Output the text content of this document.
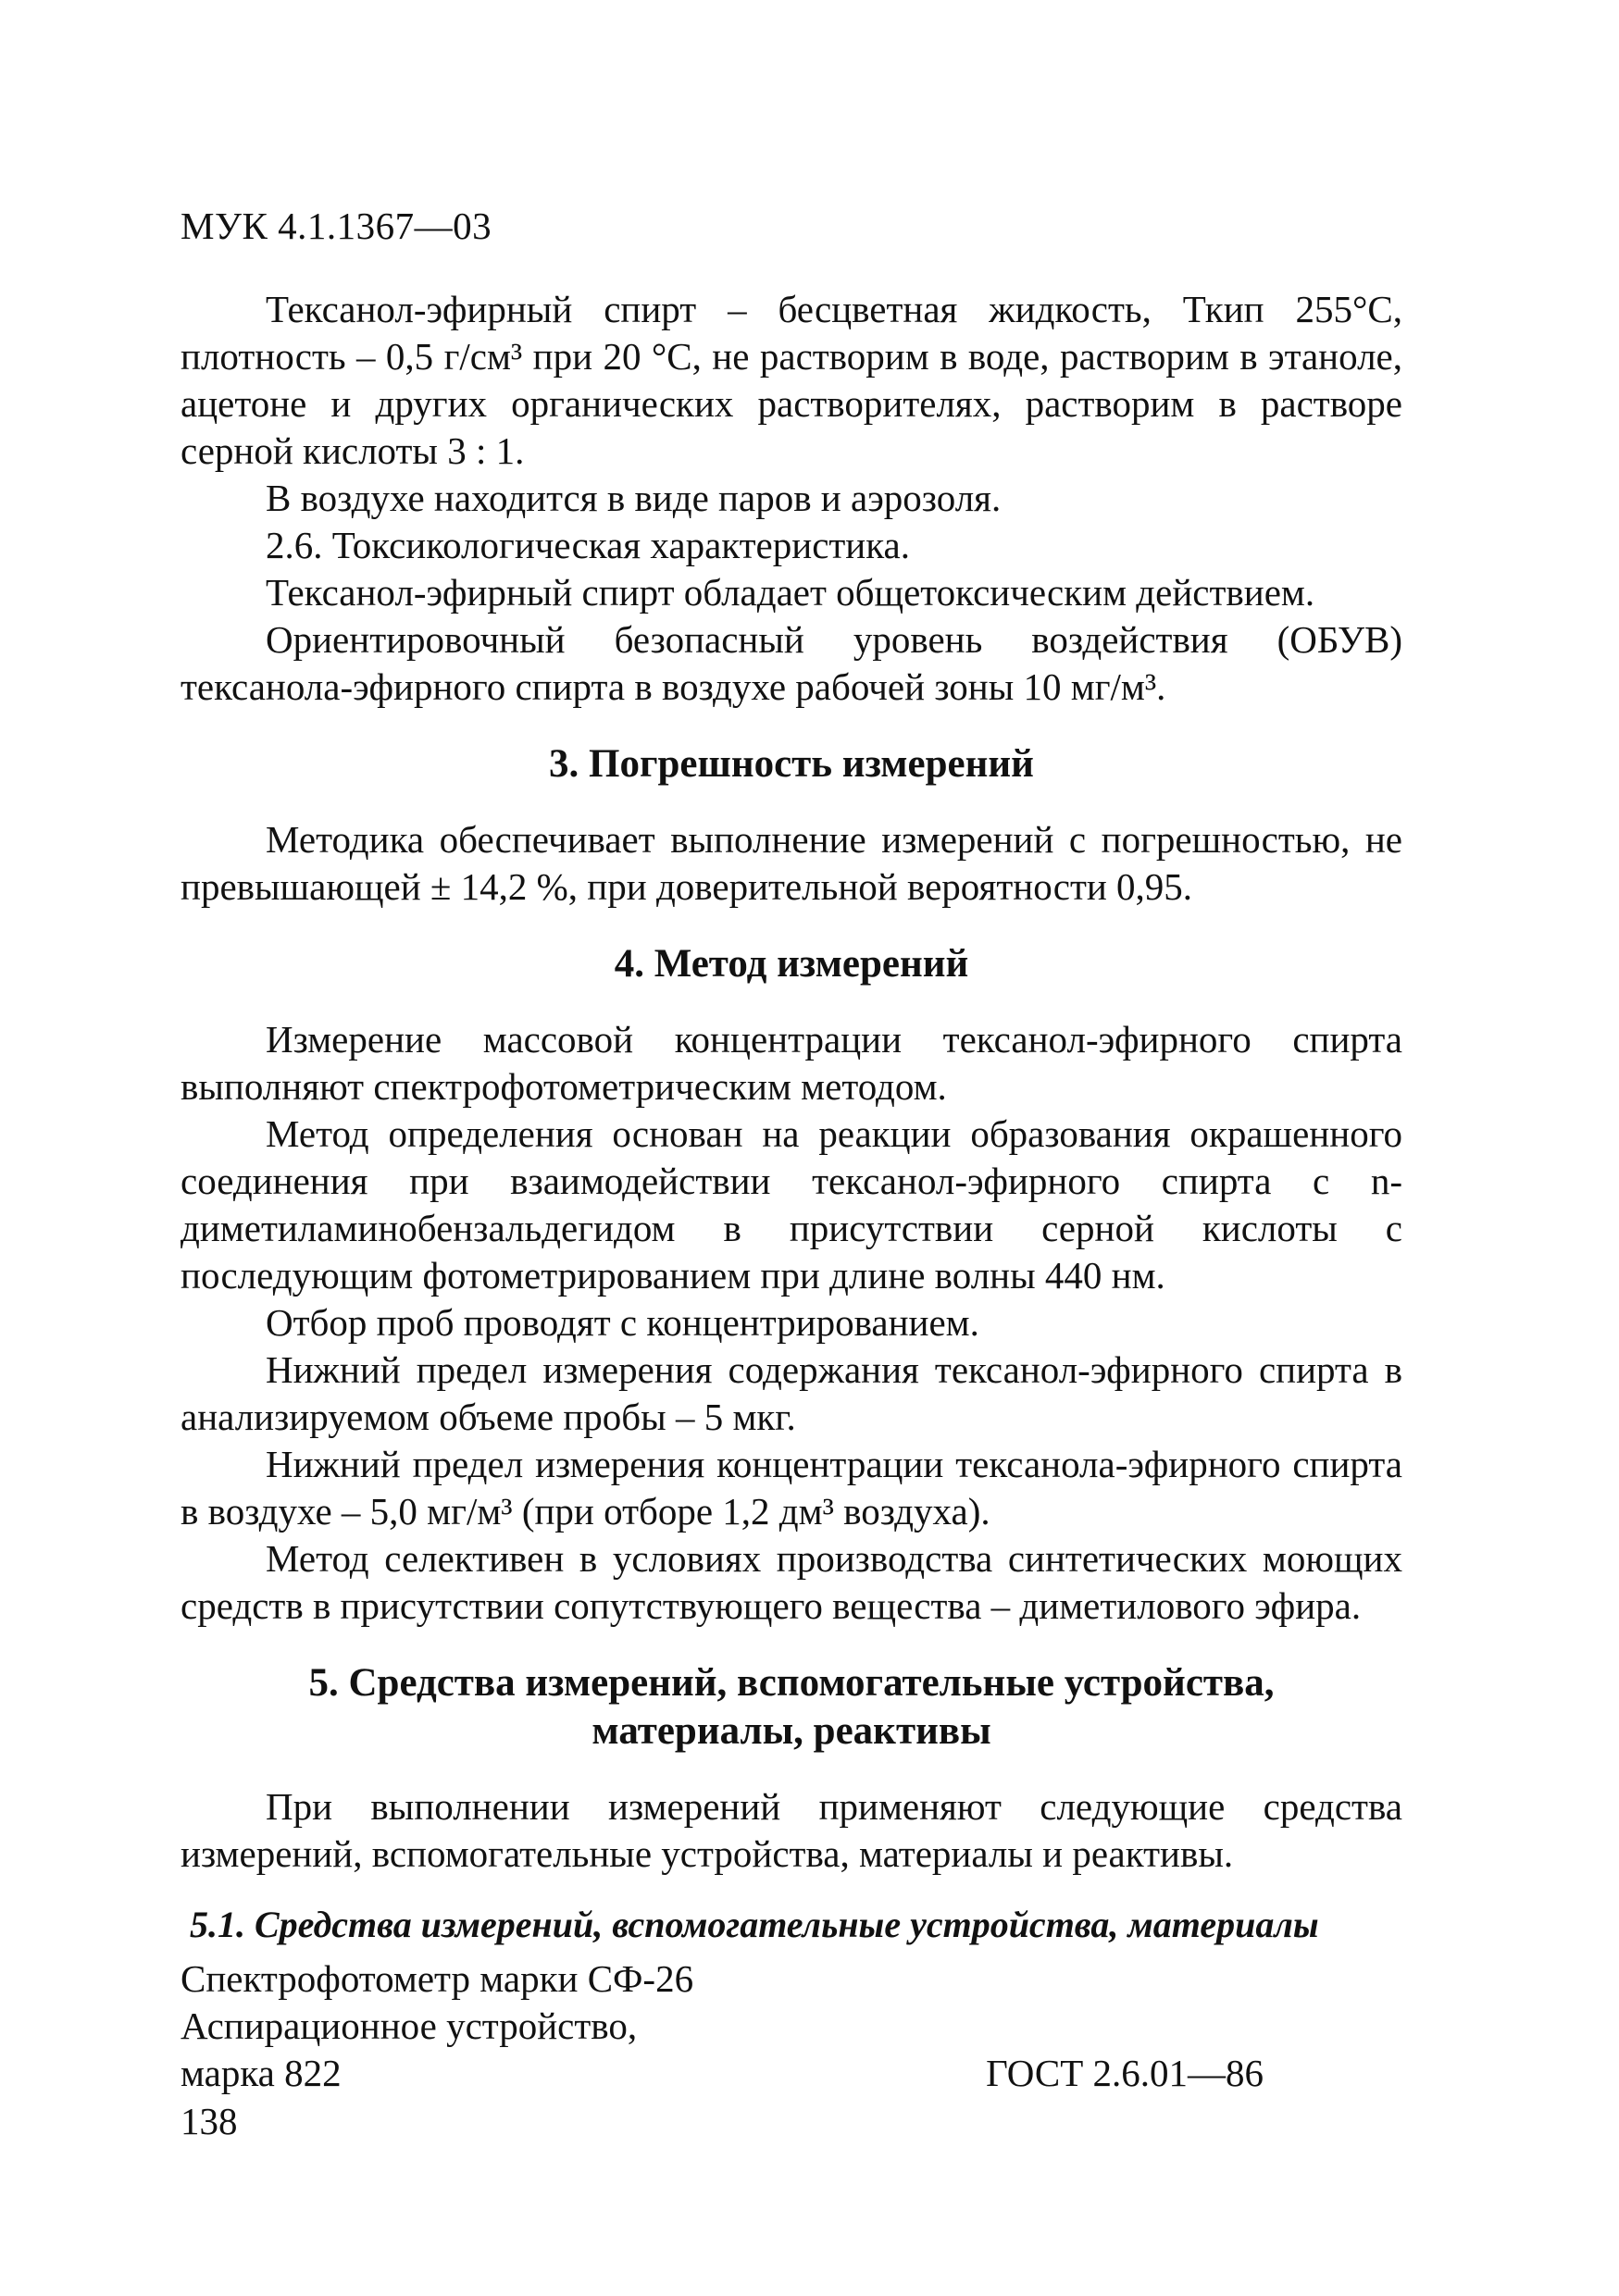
МУК 4.1.1367—03

Тексанол-эфирный спирт – бесцветная жидкость, Ткип 255°С, плотность – 0,5 г/см³ при 20 °С, не растворим в воде, растворим в этаноле, ацетоне и других органических растворителях, растворим в растворе серной кислоты 3 : 1.

В воздухе находится в виде паров и аэрозоля.

2.6. Токсикологическая характеристика.

Тексанол-эфирный спирт обладает общетоксическим действием.

Ориентировочный безопасный уровень воздействия (ОБУВ) тексанола-эфирного спирта в воздухе рабочей зоны 10 мг/м³.

3. Погрешность измерений

Методика обеспечивает выполнение измерений с погрешностью, не превышающей ± 14,2 %, при доверительной вероятности 0,95.

4. Метод измерений

Измерение массовой концентрации тексанол-эфирного спирта выполняют спектрофотометрическим методом.

Метод определения основан на реакции образования окрашенного соединения при взаимодействии тексанол-эфирного спирта с n-диметиламинобензальдегидом в присутствии серной кислоты с последующим фотометрированием при длине волны 440 нм.

Отбор проб проводят с концентрированием.

Нижний предел измерения содержания тексанол-эфирного спирта в анализируемом объеме пробы – 5 мкг.

Нижний предел измерения концентрации тексанола-эфирного спирта в воздухе – 5,0 мг/м³ (при отборе 1,2 дм³ воздуха).

Метод селективен в условиях производства синтетических моющих средств в присутствии сопутствующего вещества – диметилового эфира.

5. Средства измерений, вспомогательные устройства,
материалы, реактивы

При выполнении измерений применяют следующие средства измерений, вспомогательные устройства, материалы и реактивы.

5.1. Средства измерений, вспомогательные устройства, материалы
Спектрофотометр марки СФ-26
Аспирационное устройство,
марка 822	ГОСТ 2.6.01—86
138
